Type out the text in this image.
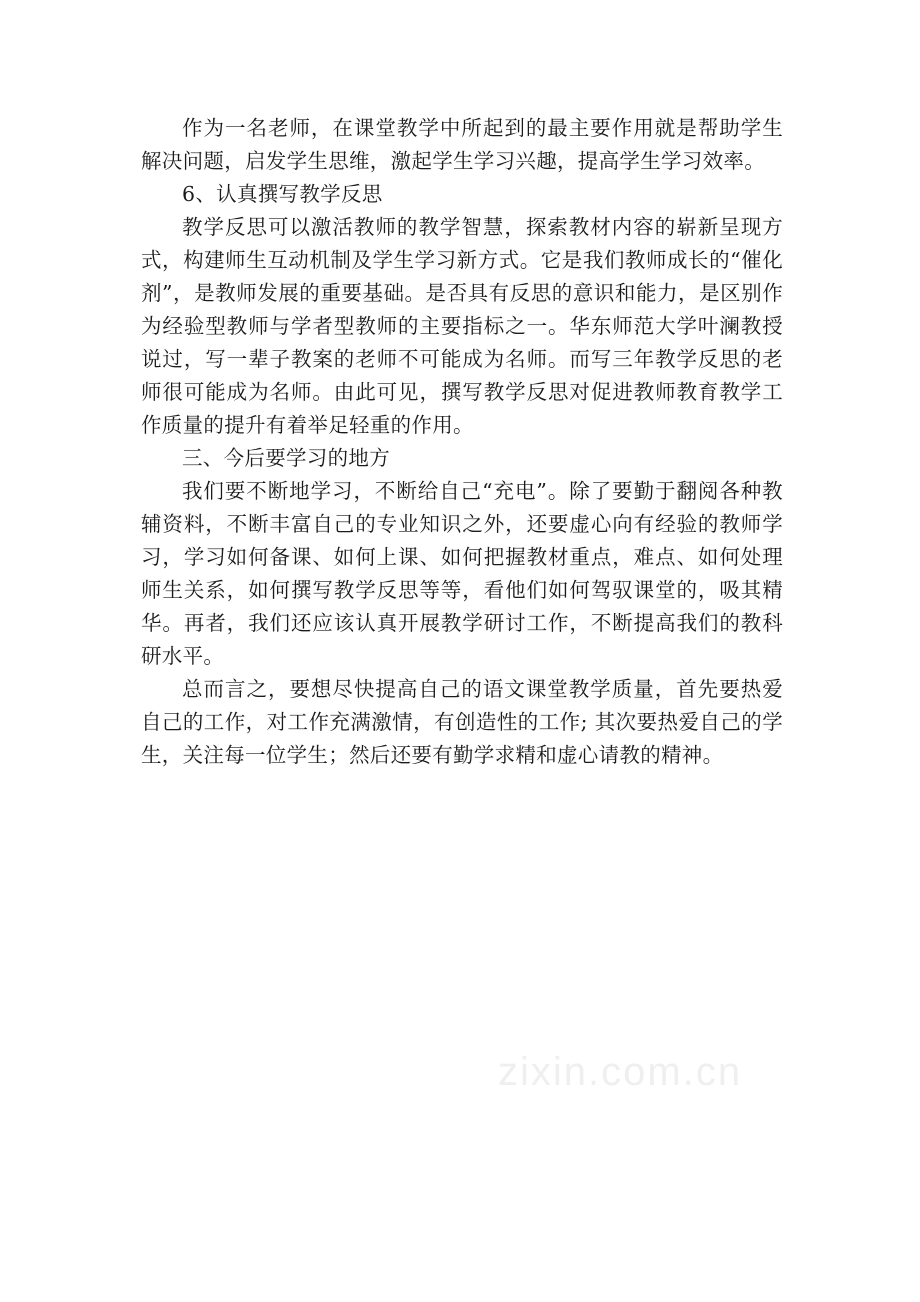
作为一名老师，在课堂教学中所起到的最主要作用就是帮助学生解决问题，启发学生思维，激起学生学习兴趣，提高学生学习效率。

6、认真撰写教学反思

教学反思可以激活教师的教学智慧，探索教材内容的崭新呈现方式，构建师生互动机制及学生学习新方式。它是我们教师成长的“催化剂”，是教师发展的重要基础。是否具有反思的意识和能力，是区别作为经验型教师与学者型教师的主要指标之一。华东师范大学叶澜教授说过，写一辈子教案的老师不可能成为名师。而写三年教学反思的老师很可能成为名师。由此可见，撰写教学反思对促进教师教育教学工作质量的提升有着举足轻重的作用。

三、今后要学习的地方

我们要不断地学习，不断给自己“充电”。除了要勤于翻阅各种教辅资料，不断丰富自己的专业知识之外，还要虚心向有经验的教师学习，学习如何备课、如何上课、如何把握教材重点，难点、如何处理师生关系，如何撰写教学反思等等，看他们如何驾驭课堂的，吸其精华。再者，我们还应该认真开展教学研讨工作，不断提高我们的教科研水平。

总而言之，要想尽快提高自己的语文课堂教学质量，首先要热爱自己的工作，对工作充满激情，有创造性的工作; 其次要热爱自己的学生，关注每一位学生；然后还要有勤学求精和虚心请教的精神。

zixin.com.cn
